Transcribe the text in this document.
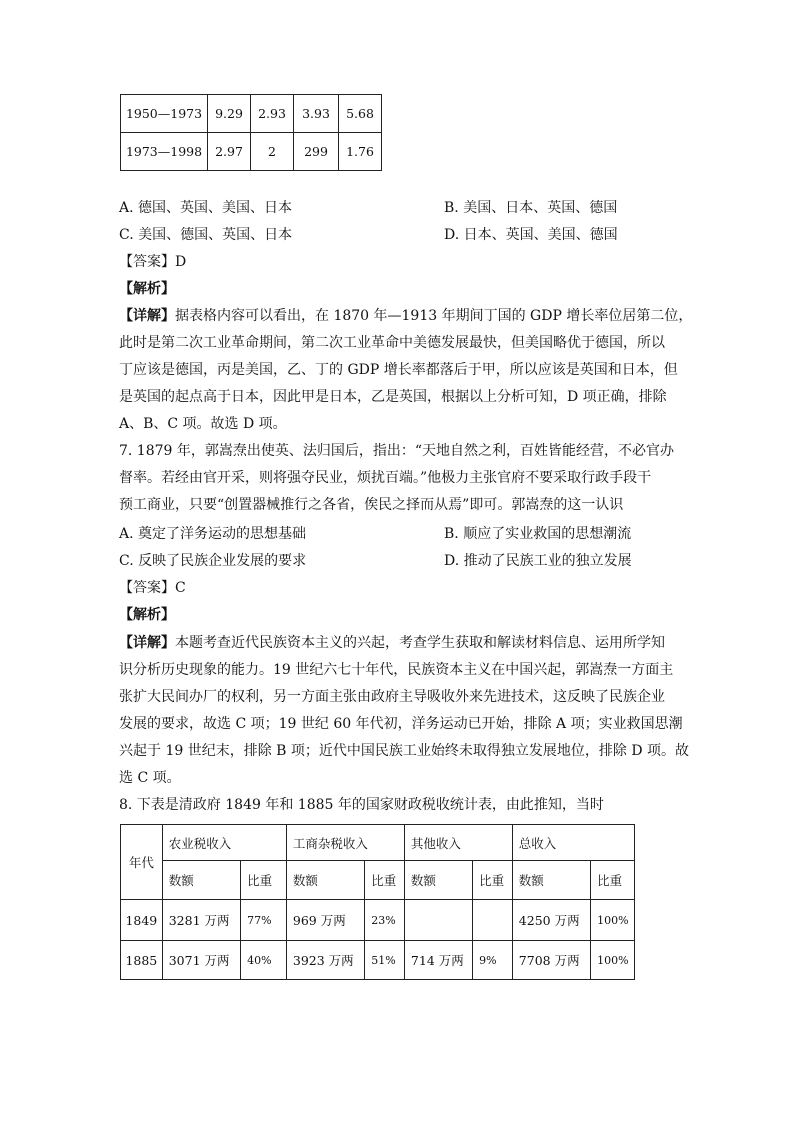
1950—1973	9.29	2.93	3.93	5.68
1973—1998	2.97	2	299	1.76
A. 德国、英国、美国、日本	B. 美国、日本、英国、德国
C. 美国、德国、英国、日本	D. 日本、英国、美国、德国
【答案】D
【解析】
【详解】据表格内容可以看出，在 1870 年—1913 年期间丁国的 GDP 增长率位居第二位，
此时是第二次工业革命期间，第二次工业革命中美德发展最快，但美国略优于德国，所以
丁应该是德国，丙是美国，乙、丁的 GDP 增长率都落后于甲，所以应该是英国和日本，但
是英国的起点高于日本，因此甲是日本，乙是英国，根据以上分析可知，D 项正确，排除
A、B、C 项。故选 D 项。
7. 1879 年，郭嵩焘出使英、法归国后，指出：“天地自然之利，百姓皆能经营，不必官办
督率。若经由官开采，则将强夺民业，烦扰百端。”他极力主张官府不要采取行政手段干
预工商业，只要“创置器械推行之各省，俟民之择而从焉”即可。郭嵩焘的这一认识
A. 奠定了洋务运动的思想基础	B. 顺应了实业救国的思想潮流
C. 反映了民族企业发展的要求	D. 推动了民族工业的独立发展
【答案】C
【解析】
【详解】本题考查近代民族资本主义的兴起，考查学生获取和解读材料信息、运用所学知
识分析历史现象的能力。19 世纪六七十年代，民族资本主义在中国兴起，郭嵩焘一方面主
张扩大民间办厂的权利，另一方面主张由政府主导吸收外来先进技术，这反映了民族企业
发展的要求，故选 C 项；19 世纪 60 年代初，洋务运动已开始，排除 A 项；实业救国思潮
兴起于 19 世纪末，排除 B 项；近代中国民族工业始终未取得独立发展地位，排除 D 项。故
选 C 项。
8. 下表是清政府 1849 年和 1885 年的国家财政税收统计表，由此推知，当时
年代	农业税收入		工商杂税收入		其他收入		总收入	
	数额	比重	数额	比重	数额	比重	数额	比重
1849	3281 万两	77%	969 万两	23%			4250 万两	100%
1885	3071 万两	40%	3923 万两	51%	714 万两	9%	7708 万两	100%
